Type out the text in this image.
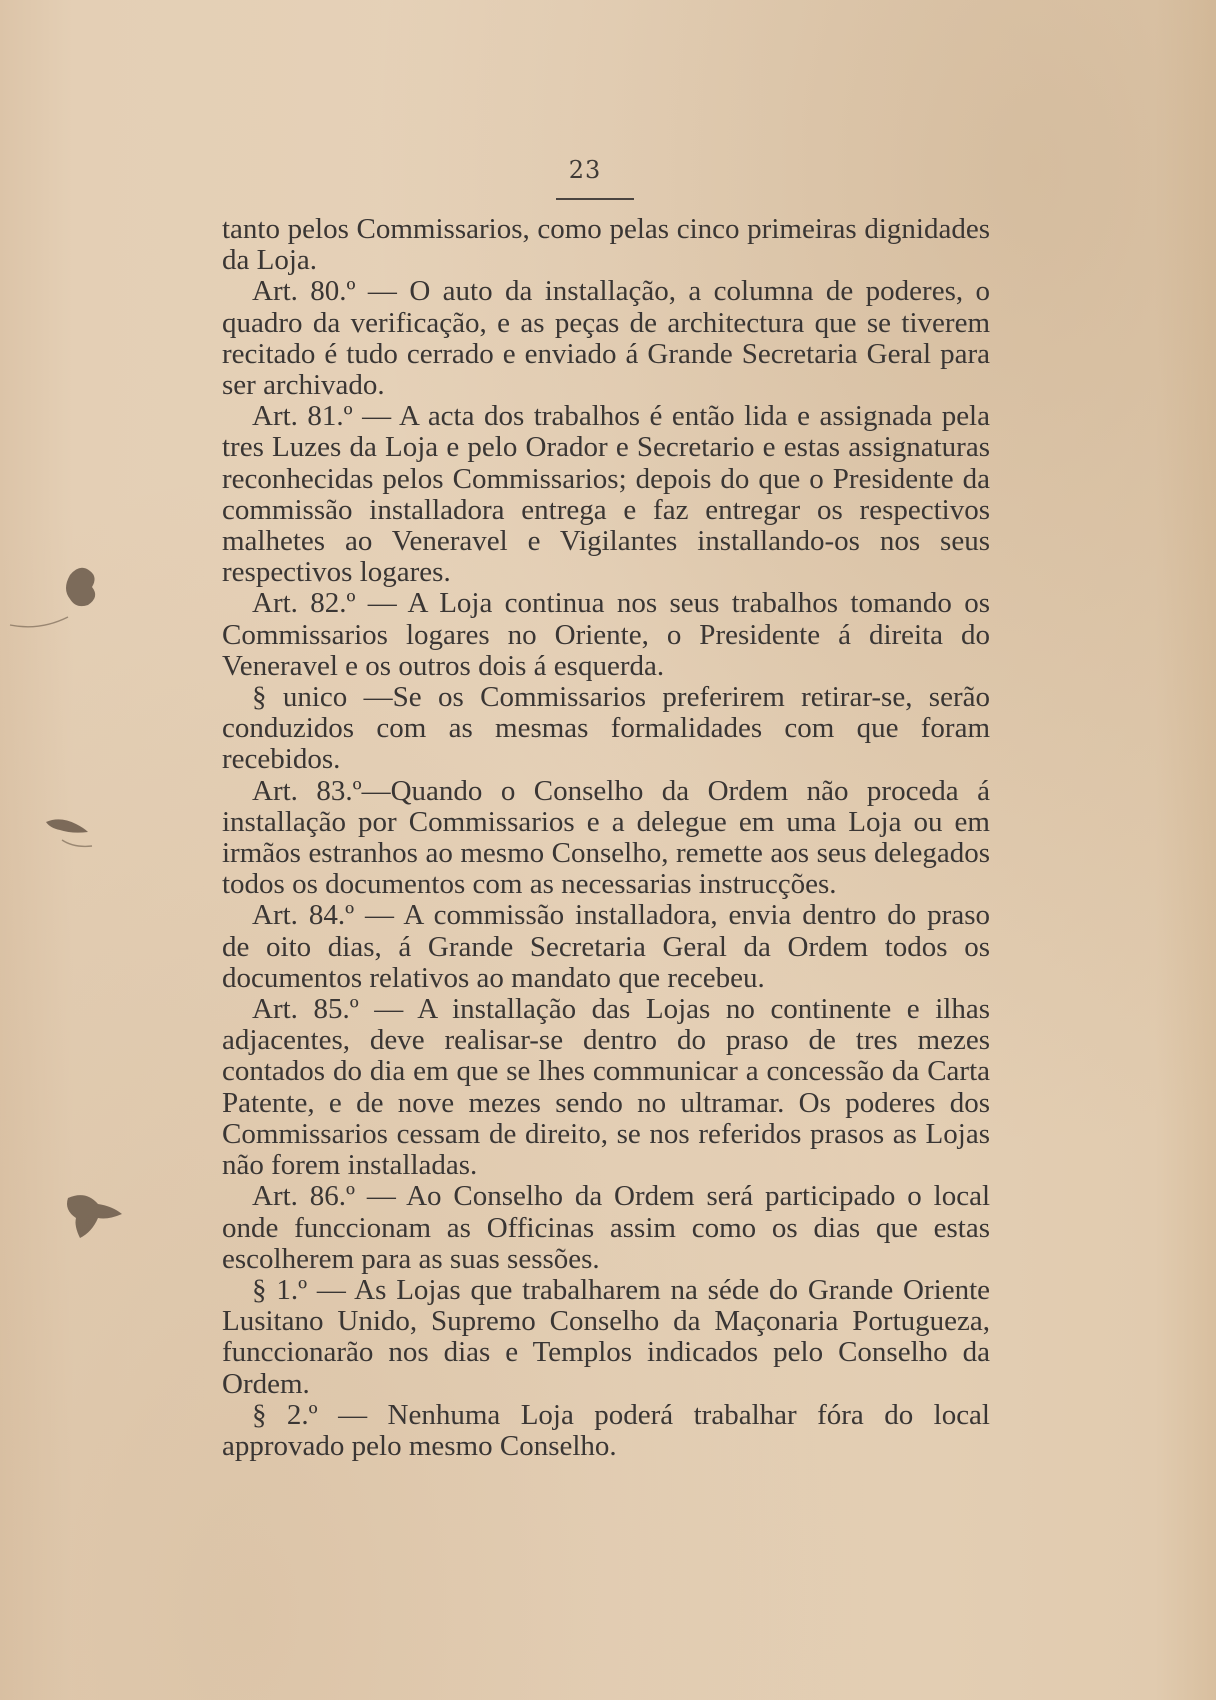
23

tanto pelos Commissarios, como pelas cinco primeiras dignidades da Loja.

Art. 80.º — O auto da installação, a columna de poderes, o quadro da verificação, e as peças de architectura que se tiverem recitado é tudo cerrado e enviado á Grande Secretaria Geral para ser archivado.

Art. 81.º — A acta dos trabalhos é então lida e assignada pela tres Luzes da Loja e pelo Orador e Secretario e estas assignaturas reconhecidas pelos Commissarios; depois do que o Presidente da commissão installadora entrega e faz entregar os respectivos malhetes ao Veneravel e Vigilantes installando-os nos seus respectivos logares.

Art. 82.º — A Loja continua nos seus trabalhos tomando os Commissarios logares no Oriente, o Presidente á direita do Veneravel e os outros dois á esquerda.

§ unico —Se os Commissarios preferirem retirar-se, serão conduzidos com as mesmas formalidades com que foram recebidos.

Art. 83.º—Quando o Conselho da Ordem não proceda á installação por Commissarios e a delegue em uma Loja ou em irmãos estranhos ao mesmo Conselho, remette aos seus delegados todos os documentos com as necessarias instrucções.

Art. 84.º — A commissão installadora, envia dentro do praso de oito dias, á Grande Secretaria Geral da Ordem todos os documentos relativos ao mandato que recebeu.

Art. 85.º — A installação das Lojas no continente e ilhas adjacentes, deve realisar-se dentro do praso de tres mezes contados do dia em que se lhes communicar a concessão da Carta Patente, e de nove mezes sendo no ultramar. Os poderes dos Commissarios cessam de direito, se nos referidos prasos as Lojas não forem installadas.

Art. 86.º — Ao Conselho da Ordem será participado o local onde funccionam as Officinas assim como os dias que estas escolherem para as suas sessões.

§ 1.º — As Lojas que trabalharem na séde do Grande Oriente Lusitano Unido, Supremo Conselho da Maçonaria Portugueza, funccionarão nos dias e Templos indicados pelo Conselho da Ordem.

§ 2.º — Nenhuma Loja poderá trabalhar fóra do local approvado pelo mesmo Conselho.
